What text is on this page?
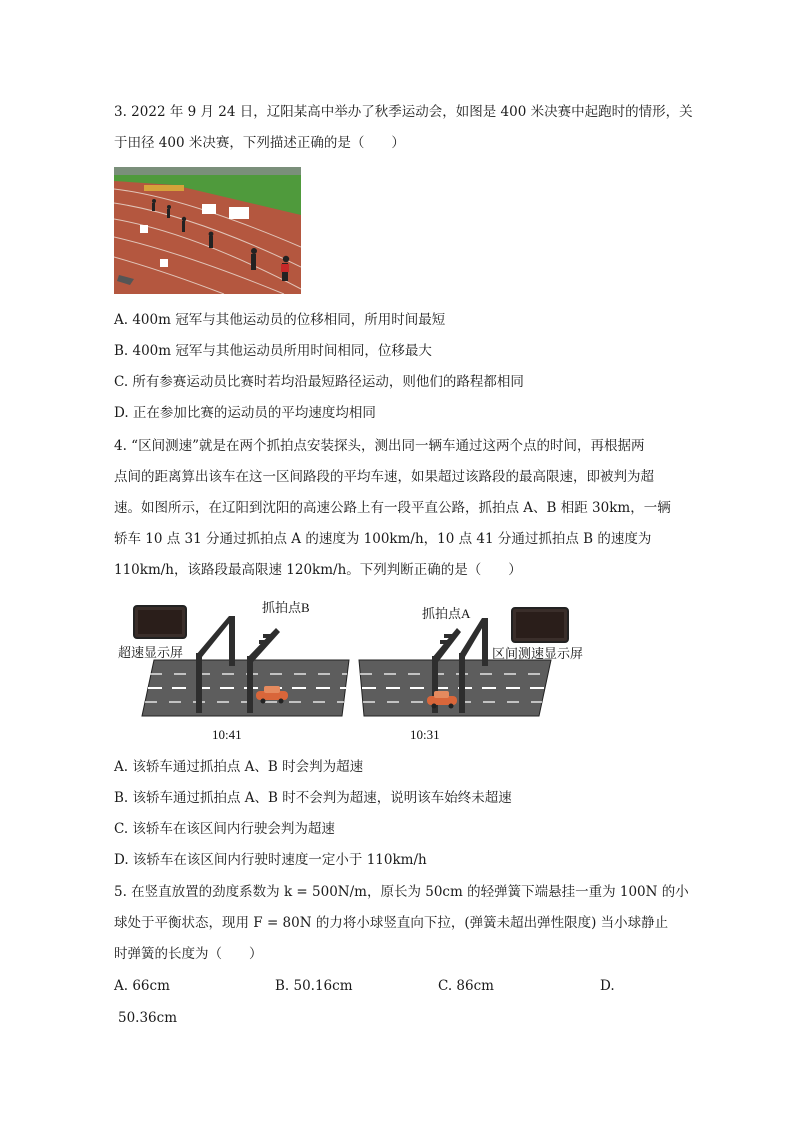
3. 2022 年 9 月 24 日，辽阳某高中举办了秋季运动会，如图是 400 米决赛中起跑时的情形，关
于田径 400 米决赛，下列描述正确的是（　　）
A. 400m 冠军与其他运动员的位移相同，所用时间最短
B. 400m 冠军与其他运动员所用时间相同，位移最大
C. 所有参赛运动员比赛时若均沿最短路径运动，则他们的路程都相同
D. 正在参加比赛的运动员的平均速度均相同
4. “区间测速”就是在两个抓拍点安装探头，测出同一辆车通过这两个点的时间，再根据两
点间的距离算出该车在这一区间路段的平均车速，如果超过该路段的最高限速，即被判为超
速。如图所示，在辽阳到沈阳的高速公路上有一段平直公路，抓拍点 A、B 相距 30km，一辆
轿车 10 点 31 分通过抓拍点 A 的速度为 100km/h，10 点 41 分通过抓拍点 B 的速度为
110km/h，该路段最高限速 120km/h。下列判断正确的是（　　）
抓拍点B	抓拍点A
超速显示屏	区间测速显示屏
10:41	10:31
A. 该轿车通过抓拍点 A、B 时会判为超速
B. 该轿车通过抓拍点 A、B 时不会判为超速，说明该车始终未超速
C. 该轿车在该区间内行驶会判为超速
D. 该轿车在该区间内行驶时速度一定小于 110km/h
5. 在竖直放置的劲度系数为 k = 500N/m，原长为 50cm 的轻弹簧下端悬挂一重为 100N 的小
球处于平衡状态，现用 F = 80N 的力将小球竖直向下拉，(弹簧未超出弹性限度) 当小球静止
时弹簧的长度为（　　）
A. 66cm	B. 50.16cm	C. 86cm	D.
50.36cm
